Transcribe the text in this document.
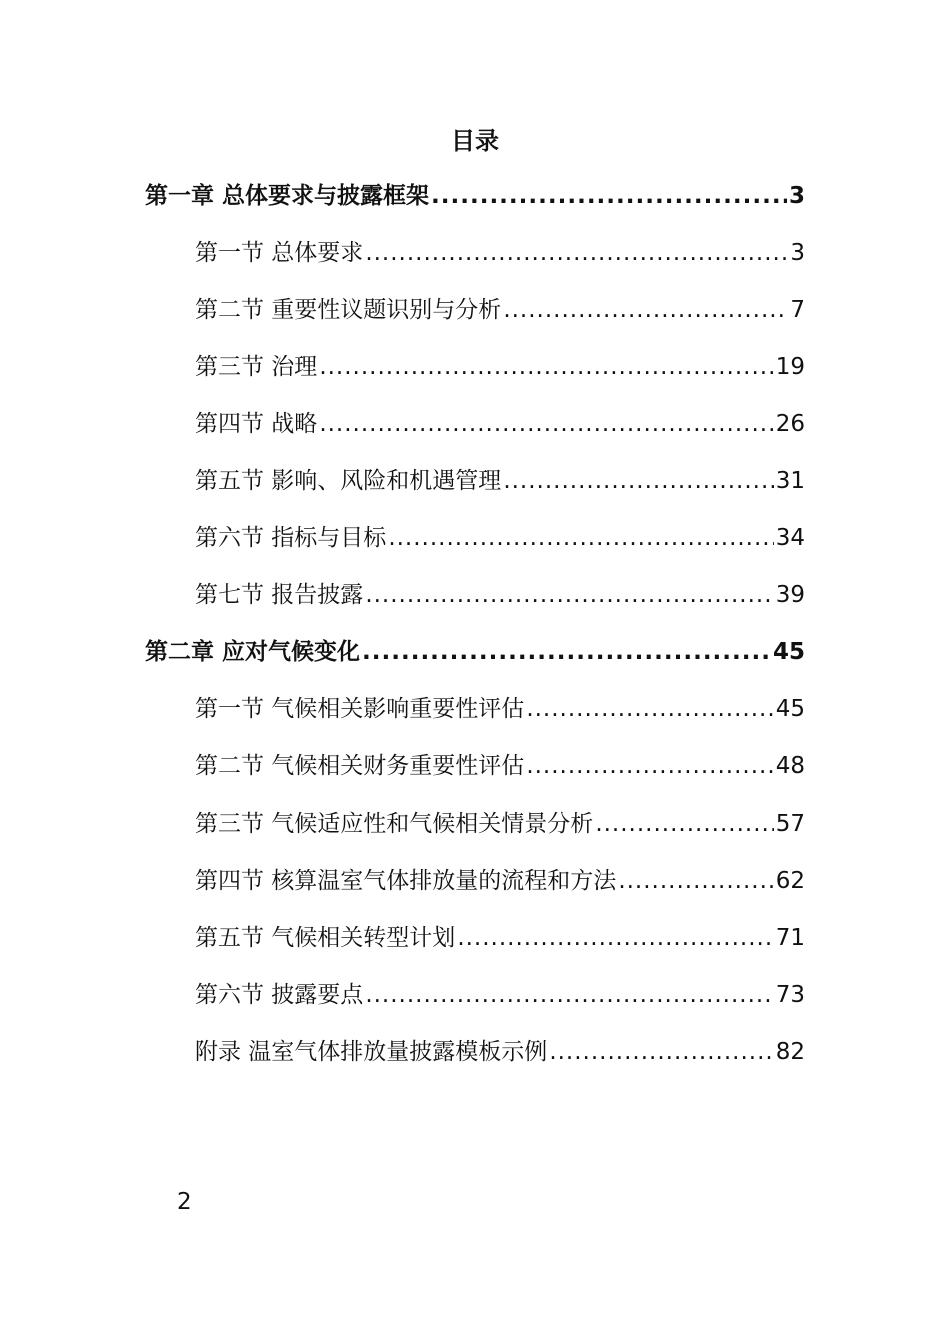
目录
第一章 总体要求与披露框架 .....	3
第一节 总体要求 .....	3
第二节 重要性议题识别与分析 .....	7
第三节 治理 .....	19
第四节 战略 .....	26
第五节 影响、风险和机遇管理 .....	31
第六节 指标与目标 .....	34
第七节 报告披露 .....	39
第二章 应对气候变化 .....	45
第一节 气候相关影响重要性评估 .....	45
第二节 气候相关财务重要性评估 .....	48
第三节 气候适应性和气候相关情景分析 .....	57
第四节 核算温室气体排放量的流程和方法 .....	62
第五节 气候相关转型计划 .....	71
第六节 披露要点 .....	73
附录 温室气体排放量披露模板示例 .....	82
2
